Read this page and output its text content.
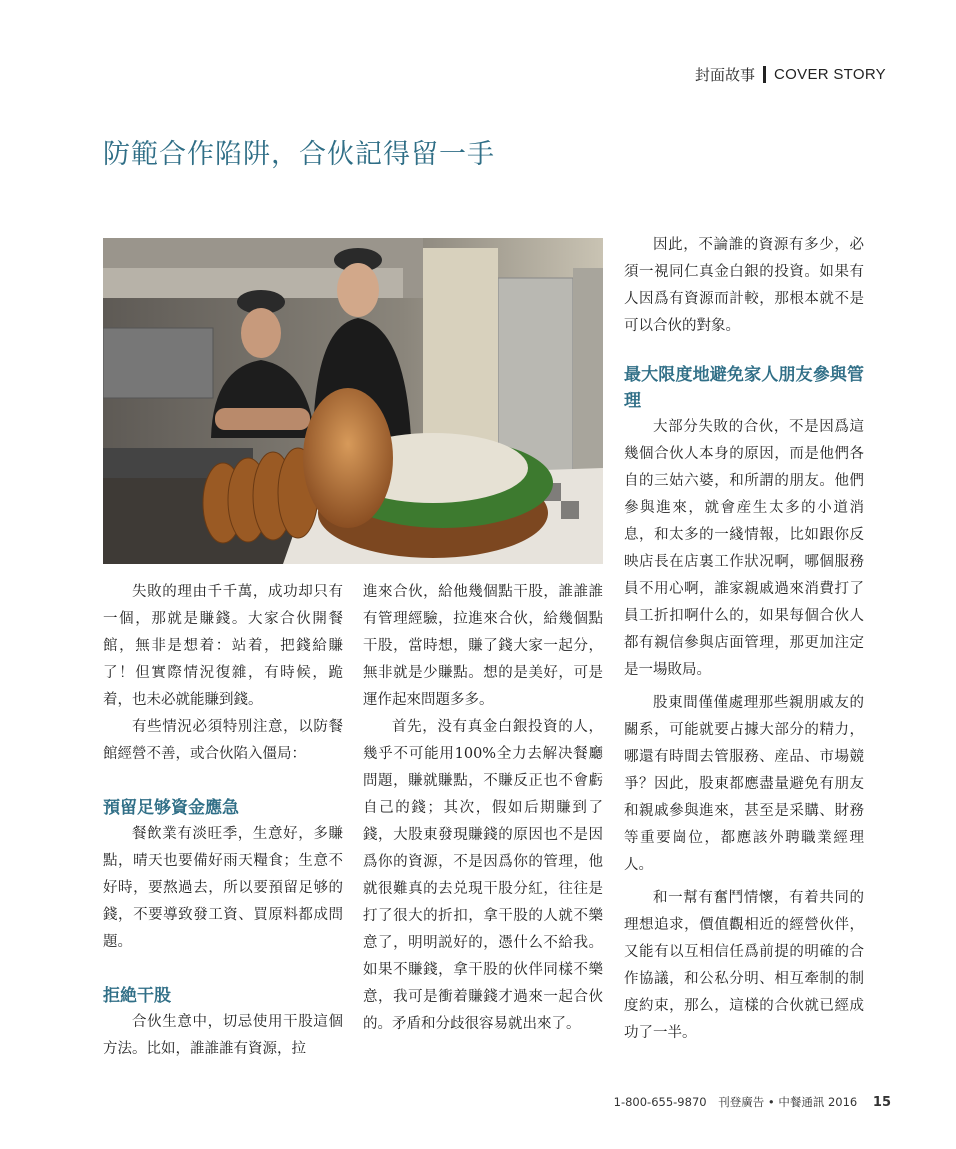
封面故事 COVER STORY
防範合作陷阱，合伙記得留一手

失敗的理由千千萬，成功却只有一個，那就是賺錢。大家合伙開餐館，無非是想着：站着，把錢給賺了！但實際情況復雜，有時候，跪着，也未必就能賺到錢。

有些情況必須特別注意，以防餐館經營不善，或合伙陷入僵局：

預留足够資金應急

餐飲業有淡旺季，生意好，多賺點，晴天也要備好雨天糧食；生意不好時，要熬過去，所以要預留足够的錢，不要導致發工資、買原料都成問題。

拒絶干股

合伙生意中，切忌使用干股這個方法。比如，誰誰誰有資源，拉

進來合伙，給他幾個點干股，誰誰誰有管理經驗，拉進來合伙，給幾個點干股，當時想，賺了錢大家一起分，無非就是少賺點。想的是美好，可是運作起來問題多多。

首先，没有真金白銀投資的人，幾乎不可能用100%全力去解决餐廳問題，賺就賺點，不賺反正也不會虧自己的錢；其次，假如后期賺到了錢，大股東發現賺錢的原因也不是因爲你的資源，不是因爲你的管理，他就很難真的去兑現干股分紅，往往是打了很大的折扣，拿干股的人就不樂意了，明明説好的，憑什么不給我。如果不賺錢，拿干股的伙伴同樣不樂意，我可是衝着賺錢才過來一起合伙的。矛盾和分歧很容易就出來了。

因此，不論誰的資源有多少，必須一視同仁真金白銀的投資。如果有人因爲有資源而計較，那根本就不是可以合伙的對象。

最大限度地避免家人朋友參與管理

大部分失敗的合伙，不是因爲這幾個合伙人本身的原因，而是他們各自的三姑六婆，和所謂的朋友。他們參與進來，就會産生太多的小道消息，和太多的一綫情報，比如跟你反映店長在店裏工作狀况啊，哪個服務員不用心啊，誰家親戚過來消費打了員工折扣啊什么的，如果每個合伙人都有親信參與店面管理，那更加注定是一場敗局。

股東間僅僅處理那些親朋戚友的關系，可能就要占據大部分的精力，哪還有時間去管服務、産品、市場競爭？因此，股東都應盡量避免有朋友和親戚參與進來，甚至是采購、財務等重要崗位，都應該外聘職業經理人。

和一幫有奮鬥情懷，有着共同的理想追求，價值觀相近的經營伙伴，又能有以互相信任爲前提的明確的合作協議，和公私分明、相互牽制的制度約束，那么，這樣的合伙就已經成功了一半。

1-800-655-9870 刊登廣告 • 中餐通訊 2016 15
